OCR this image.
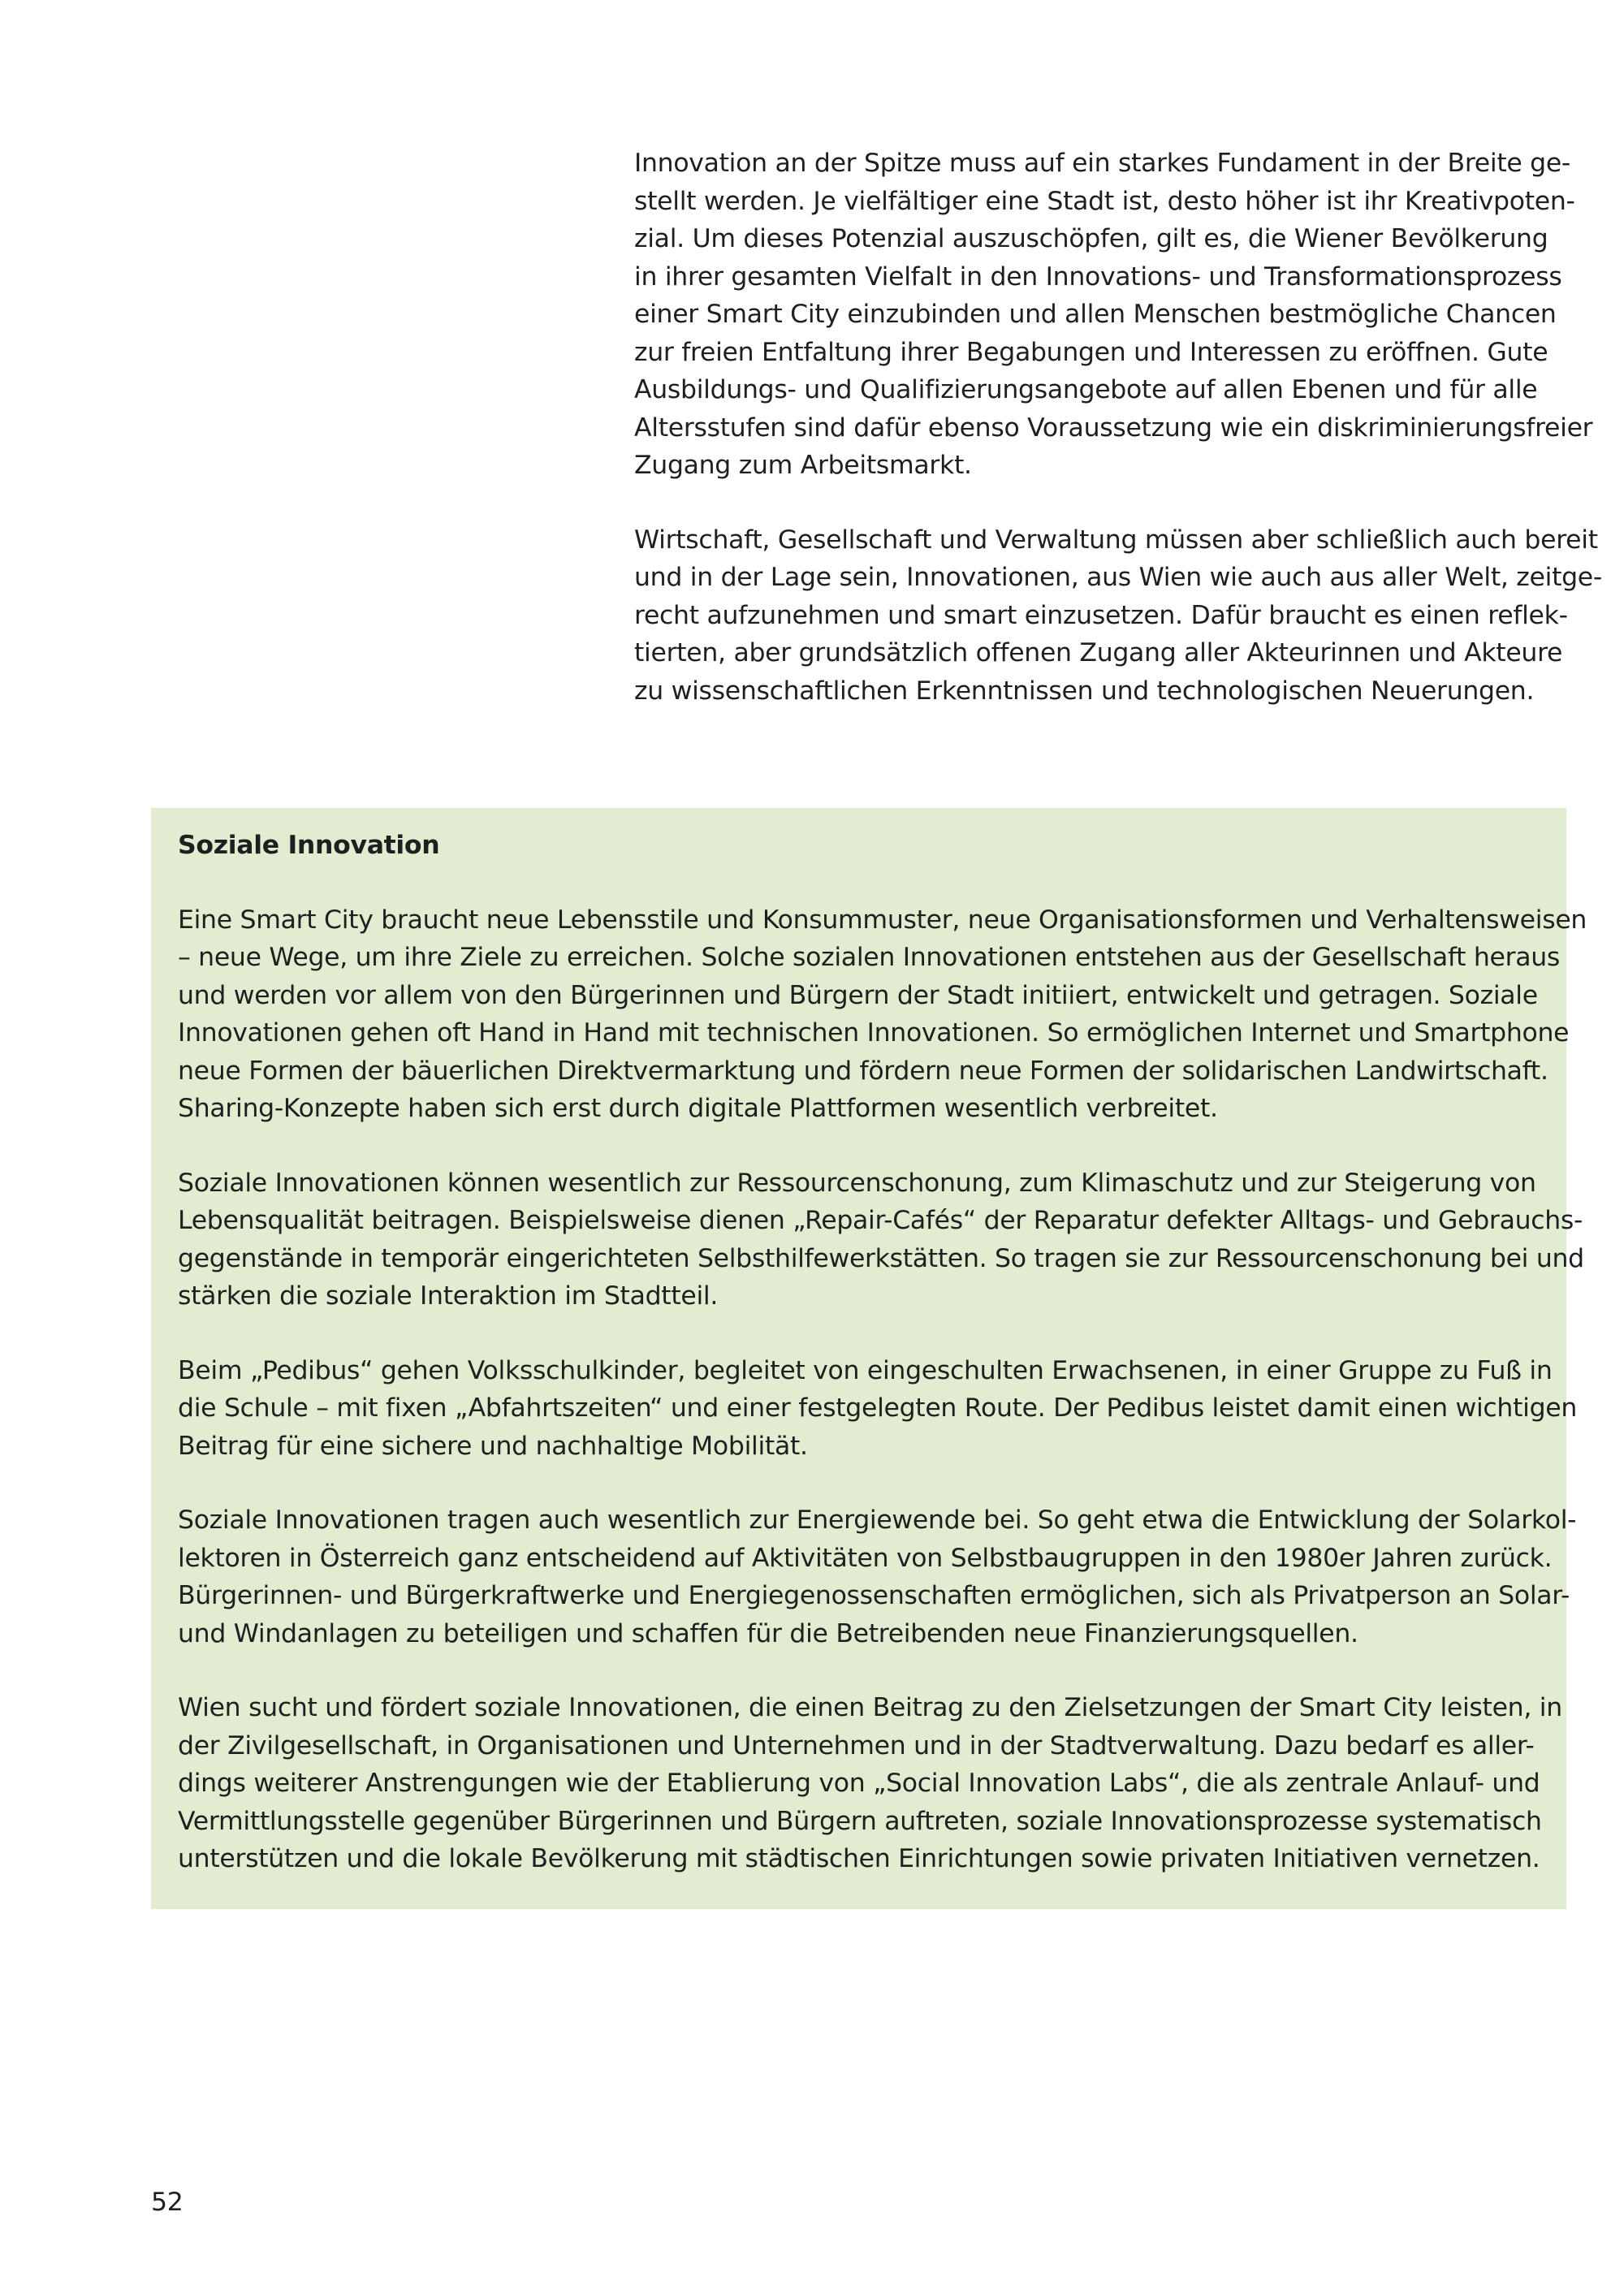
Innovation an der Spitze muss auf ein starkes Fundament in der Breite ge-
stellt werden. Je vielfältiger eine Stadt ist, desto höher ist ihr Kreativpoten-
zial. Um dieses Potenzial auszuschöpfen, gilt es, die Wiener Bevölkerung
in ihrer gesamten Vielfalt in den Innovations- und Transformationsprozess
einer Smart City einzubinden und allen Menschen bestmögliche Chancen
zur freien Entfaltung ihrer Begabungen und Interessen zu eröffnen. Gute
Ausbildungs- und Qualifizierungsangebote auf allen Ebenen und für alle
Altersstufen sind dafür ebenso Voraussetzung wie ein diskriminierungsfreier
Zugang zum Arbeitsmarkt.

Wirtschaft, Gesellschaft und Verwaltung müssen aber schließlich auch bereit
und in der Lage sein, Innovationen, aus Wien wie auch aus aller Welt, zeitge-
recht aufzunehmen und smart einzusetzen. Dafür braucht es einen reflek-
tierten, aber grundsätzlich offenen Zugang aller Akteurinnen und Akteure
zu wissenschaftlichen Erkenntnissen und technologischen Neuerungen.

Soziale Innovation

Eine Smart City braucht neue Lebensstile und Konsummuster, neue Organisationsformen und Verhaltensweisen
– neue Wege, um ihre Ziele zu erreichen. Solche sozialen Innovationen entstehen aus der Gesellschaft heraus
und werden vor allem von den Bürgerinnen und Bürgern der Stadt initiiert, entwickelt und getragen. Soziale
Innovationen gehen oft Hand in Hand mit technischen Innovationen. So ermöglichen Internet und Smartphone
neue Formen der bäuerlichen Direktvermarktung und fördern neue Formen der solidarischen Landwirtschaft.
Sharing-Konzepte haben sich erst durch digitale Plattformen wesentlich verbreitet.

Soziale Innovationen können wesentlich zur Ressourcenschonung, zum Klimaschutz und zur Steigerung von
Lebensqualität beitragen. Beispielsweise dienen „Repair-Cafés“ der Reparatur defekter Alltags- und Gebrauchs-
gegenstände in temporär eingerichteten Selbsthilfewerkstätten. So tragen sie zur Ressourcenschonung bei und
stärken die soziale Interaktion im Stadtteil.

Beim „Pedibus“ gehen Volksschulkinder, begleitet von eingeschulten Erwachsenen, in einer Gruppe zu Fuß in
die Schule – mit fixen „Abfahrtszeiten“ und einer festgelegten Route. Der Pedibus leistet damit einen wichtigen
Beitrag für eine sichere und nachhaltige Mobilität.

Soziale Innovationen tragen auch wesentlich zur Energiewende bei. So geht etwa die Entwicklung der Solarkol-
lektoren in Österreich ganz entscheidend auf Aktivitäten von Selbstbaugruppen in den 1980er Jahren zurück.
Bürgerinnen- und Bürgerkraftwerke und Energiegenossenschaften ermöglichen, sich als Privatperson an Solar-
und Windanlagen zu beteiligen und schaffen für die Betreibenden neue Finanzierungsquellen.

Wien sucht und fördert soziale Innovationen, die einen Beitrag zu den Zielsetzungen der Smart City leisten, in
der Zivilgesellschaft, in Organisationen und Unternehmen und in der Stadtverwaltung. Dazu bedarf es aller-
dings weiterer Anstrengungen wie der Etablierung von „Social Innovation Labs“, die als zentrale Anlauf- und
Vermittlungsstelle gegenüber Bürgerinnen und Bürgern auftreten, soziale Innovationsprozesse systematisch
unterstützen und die lokale Bevölkerung mit städtischen Einrichtungen sowie privaten Initiativen vernetzen.

52
